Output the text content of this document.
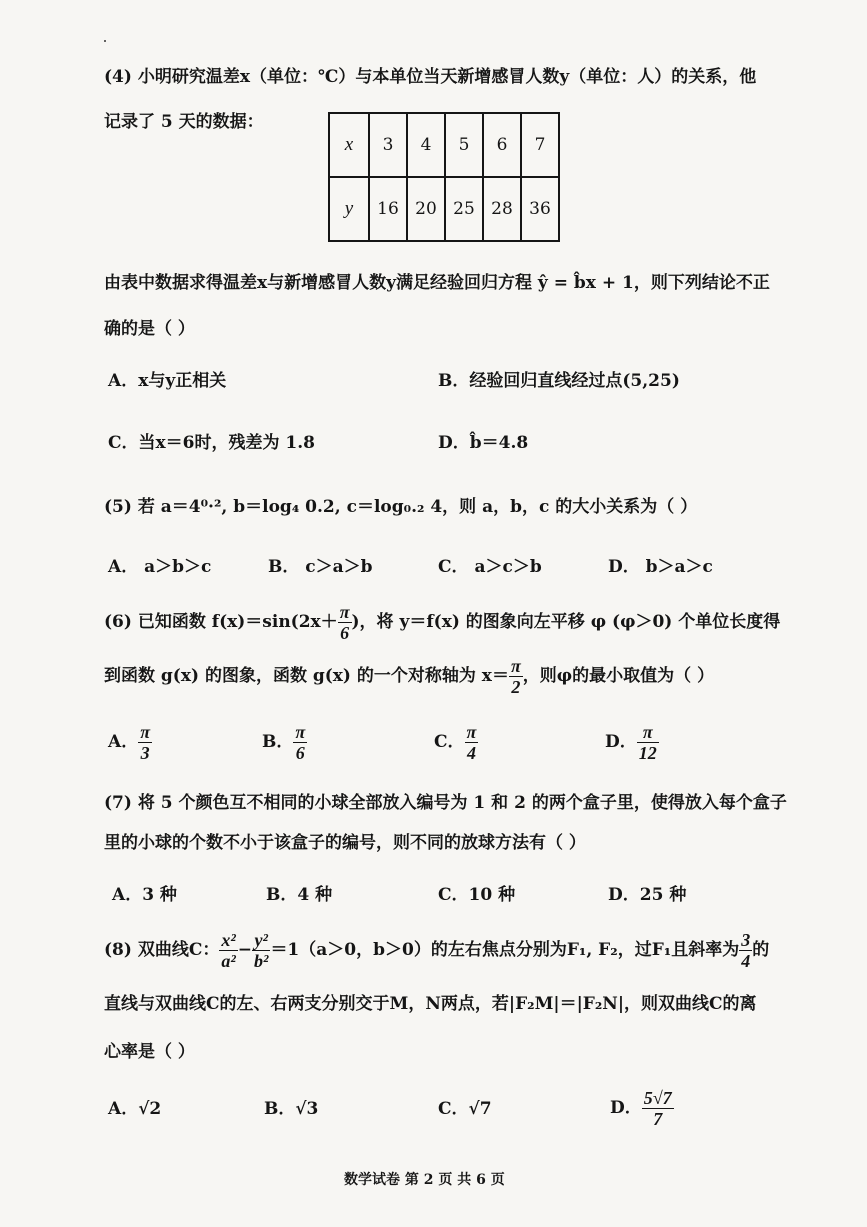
(4) 小明研究温差x（单位：℃）与本单位当天新增感冒人数y（单位：人）的关系，他
记录了 5 天的数据：
x	3	4	5	6	7
y	16	20	25	28	36
由表中数据求得温差x与新增感冒人数y满足经验回归方程 ŷ = b̂x + 1，则下列结论不正
确的是（ ）
A．x与y正相关	B．经验回归直线经过点(5,25)
C．当x＝6时，残差为 1.8	D．b̂＝4.8
(5) 若 a＝4⁰·², b＝log₄ 0.2, c＝log₀.₂ 4，则 a，b，c 的大小关系为（ ）
A． a＞b＞c	B． c＞a＞b	C． a＞c＞b	D． b＞a＞c
(6) 已知函数 $f(x)=\sin(2x+ \frac{\pi}{6}$ )，将 y＝f(x) 的图象向左平移 φ (φ＞0) 个单位长度得
到函数 g(x) 的图象，函数 g(x) 的一个对称轴为 $x= \frac{\pi}{2}$ ，则φ的最小取值为（ ）
A． $\frac{\pi}{3}$	B． $\frac{\pi}{6}$	C． $\frac{\pi}{4}$	D． $\frac{\pi}{12}$
(7) 将 5 个颜色互不相同的小球全部放入编号为 1 和 2 的两个盒子里，使得放入每个盒子
里的小球的个数不小于该盒子的编号，则不同的放球方法有（ ）
A．3 种	B．4 种	C．10 种	D．25 种
(8) 双曲线C： $\frac{\text{x²}}{\text{a²}} - \frac{\text{y²}}{\text{b²}} =1(a>0$，b＞0）的左右焦点分别为F₁, F₂，过F₁且斜率为 $\frac{3}{4}$ 的
直线与双曲线C的左、右两支分别交于M，N两点，若|F₂M|＝|F₂N|，则双曲线C的离
心率是（ ）
A．√2	B．√3	C．√7	D． $\frac{5√7}{7}$
数学试卷 第 2 页 共 6 页
